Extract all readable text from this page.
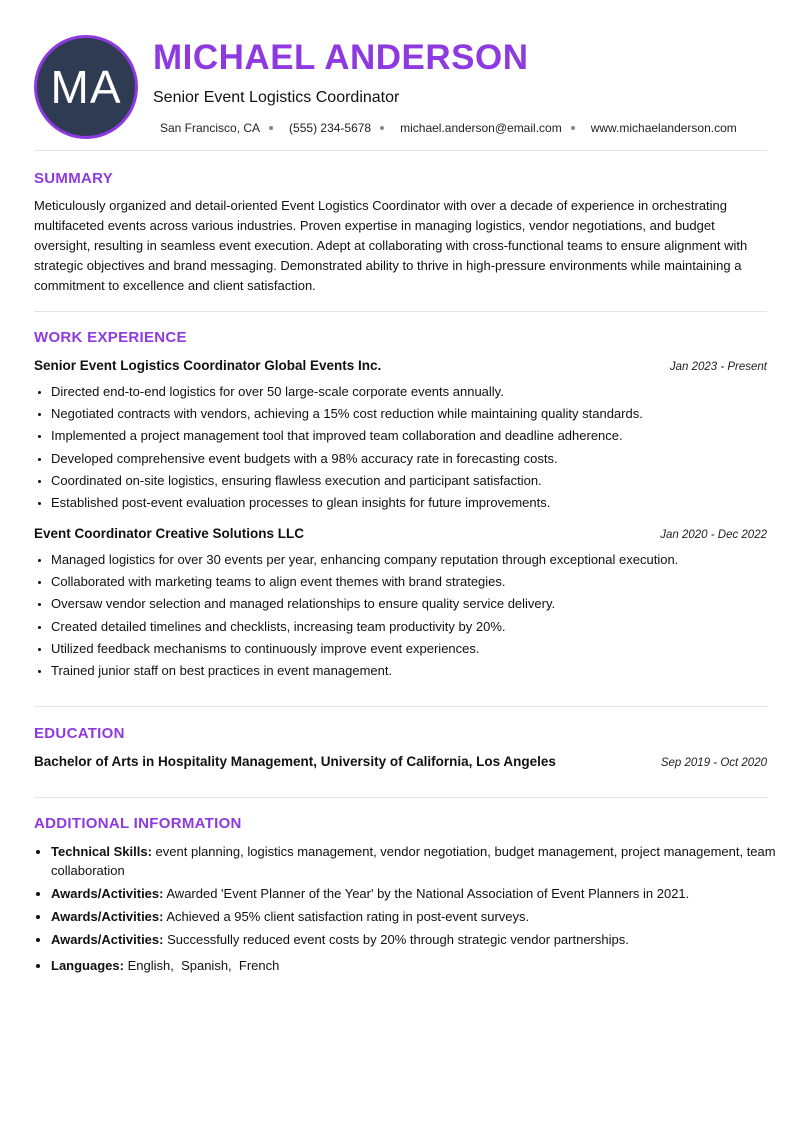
MA
MICHAEL ANDERSON
Senior Event Logistics Coordinator
San Francisco, CA (555) 234-5678 michael.anderson@email.com www.michaelanderson.com
SUMMARY

Meticulously organized and detail-oriented Event Logistics Coordinator with over a decade of experience in orchestrating multifaceted events across various industries. Proven expertise in managing logistics, vendor negotiations, and budget oversight, resulting in seamless event execution. Adept at collaborating with cross-functional teams to ensure alignment with strategic objectives and brand messaging. Demonstrated ability to thrive in high-pressure environments while maintaining a commitment to excellence and client satisfaction.

WORK EXPERIENCE
Senior Event Logistics Coordinator Global Events Inc.	Jan 2023 - Present
• Directed end-to-end logistics for over 50 large-scale corporate events annually.
• Negotiated contracts with vendors, achieving a 15% cost reduction while maintaining quality standards.
• Implemented a project management tool that improved team collaboration and deadline adherence.
• Developed comprehensive event budgets with a 98% accuracy rate in forecasting costs.
• Coordinated on-site logistics, ensuring flawless execution and participant satisfaction.
• Established post-event evaluation processes to glean insights for future improvements.
Event Coordinator Creative Solutions LLC	Jan 2020 - Dec 2022
• Managed logistics for over 30 events per year, enhancing company reputation through exceptional execution.
• Collaborated with marketing teams to align event themes with brand strategies.
• Oversaw vendor selection and managed relationships to ensure quality service delivery.
• Created detailed timelines and checklists, increasing team productivity by 20%.
• Utilized feedback mechanisms to continuously improve event experiences.
• Trained junior staff on best practices in event management.
EDUCATION
Bachelor of Arts in Hospitality Management, University of California, Los Angeles	Sep 2019 - Oct 2020
ADDITIONAL INFORMATION
• Technical Skills: event planning, logistics management, vendor negotiation, budget management, project management, team collaboration
• Awards/Activities: Awarded 'Event Planner of the Year' by the National Association of Event Planners in 2021.
• Awards/Activities: Achieved a 95% client satisfaction rating in post-event surveys.
• Awards/Activities: Successfully reduced event costs by 20% through strategic vendor partnerships.
• Languages: English,  Spanish,  French
